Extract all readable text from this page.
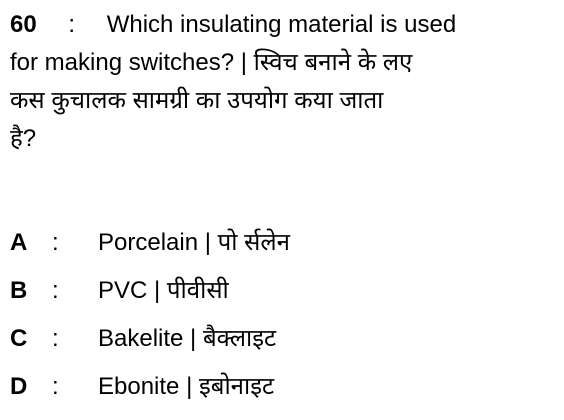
60 : Which insulating material is used
for making switches? | स्विच बनाने के लए
कस कुचालक सामग्री का उपयोग कया जाता
है?
A : Porcelain | पो र्सलेन
B : PVC | पीवीसी
C : Bakelite | बैक्लाइट
D : Ebonite | इबोनाइट
